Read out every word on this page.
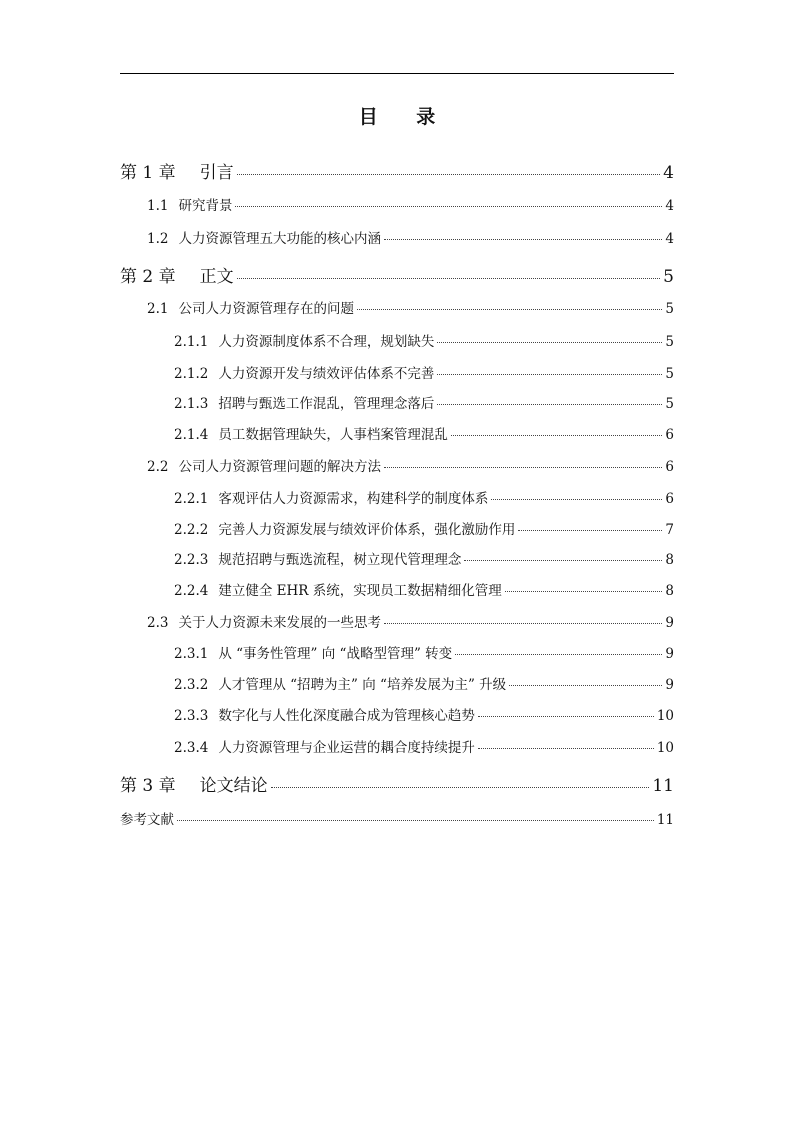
目 录
第 1 章 引言	4
1.1 研究背景	4
1.2 人力资源管理五大功能的核心内涵	4
第 2 章 正文	5
2.1 公司人力资源管理存在的问题	5
2.1.1 人力资源制度体系不合理，规划缺失	5
2.1.2 人力资源开发与绩效评估体系不完善	5
2.1.3 招聘与甄选工作混乱，管理理念落后	5
2.1.4 员工数据管理缺失，人事档案管理混乱	6
2.2 公司人力资源管理问题的解决方法	6
2.2.1 客观评估人力资源需求，构建科学的制度体系	6
2.2.2 完善人力资源发展与绩效评价体系，强化激励作用	7
2.2.3 规范招聘与甄选流程，树立现代管理理念	8
2.2.4 建立健全 EHR 系统，实现员工数据精细化管理	8
2.3 关于人力资源未来发展的一些思考	9
2.3.1 从 “事务性管理” 向 “战略型管理” 转变	9
2.3.2 人才管理从 “招聘为主” 向 “培养发展为主” 升级	9
2.3.3 数字化与人性化深度融合成为管理核心趋势	10
2.3.4 人力资源管理与企业运营的耦合度持续提升	10
第 3 章 论文结论	11
参考文献	11
